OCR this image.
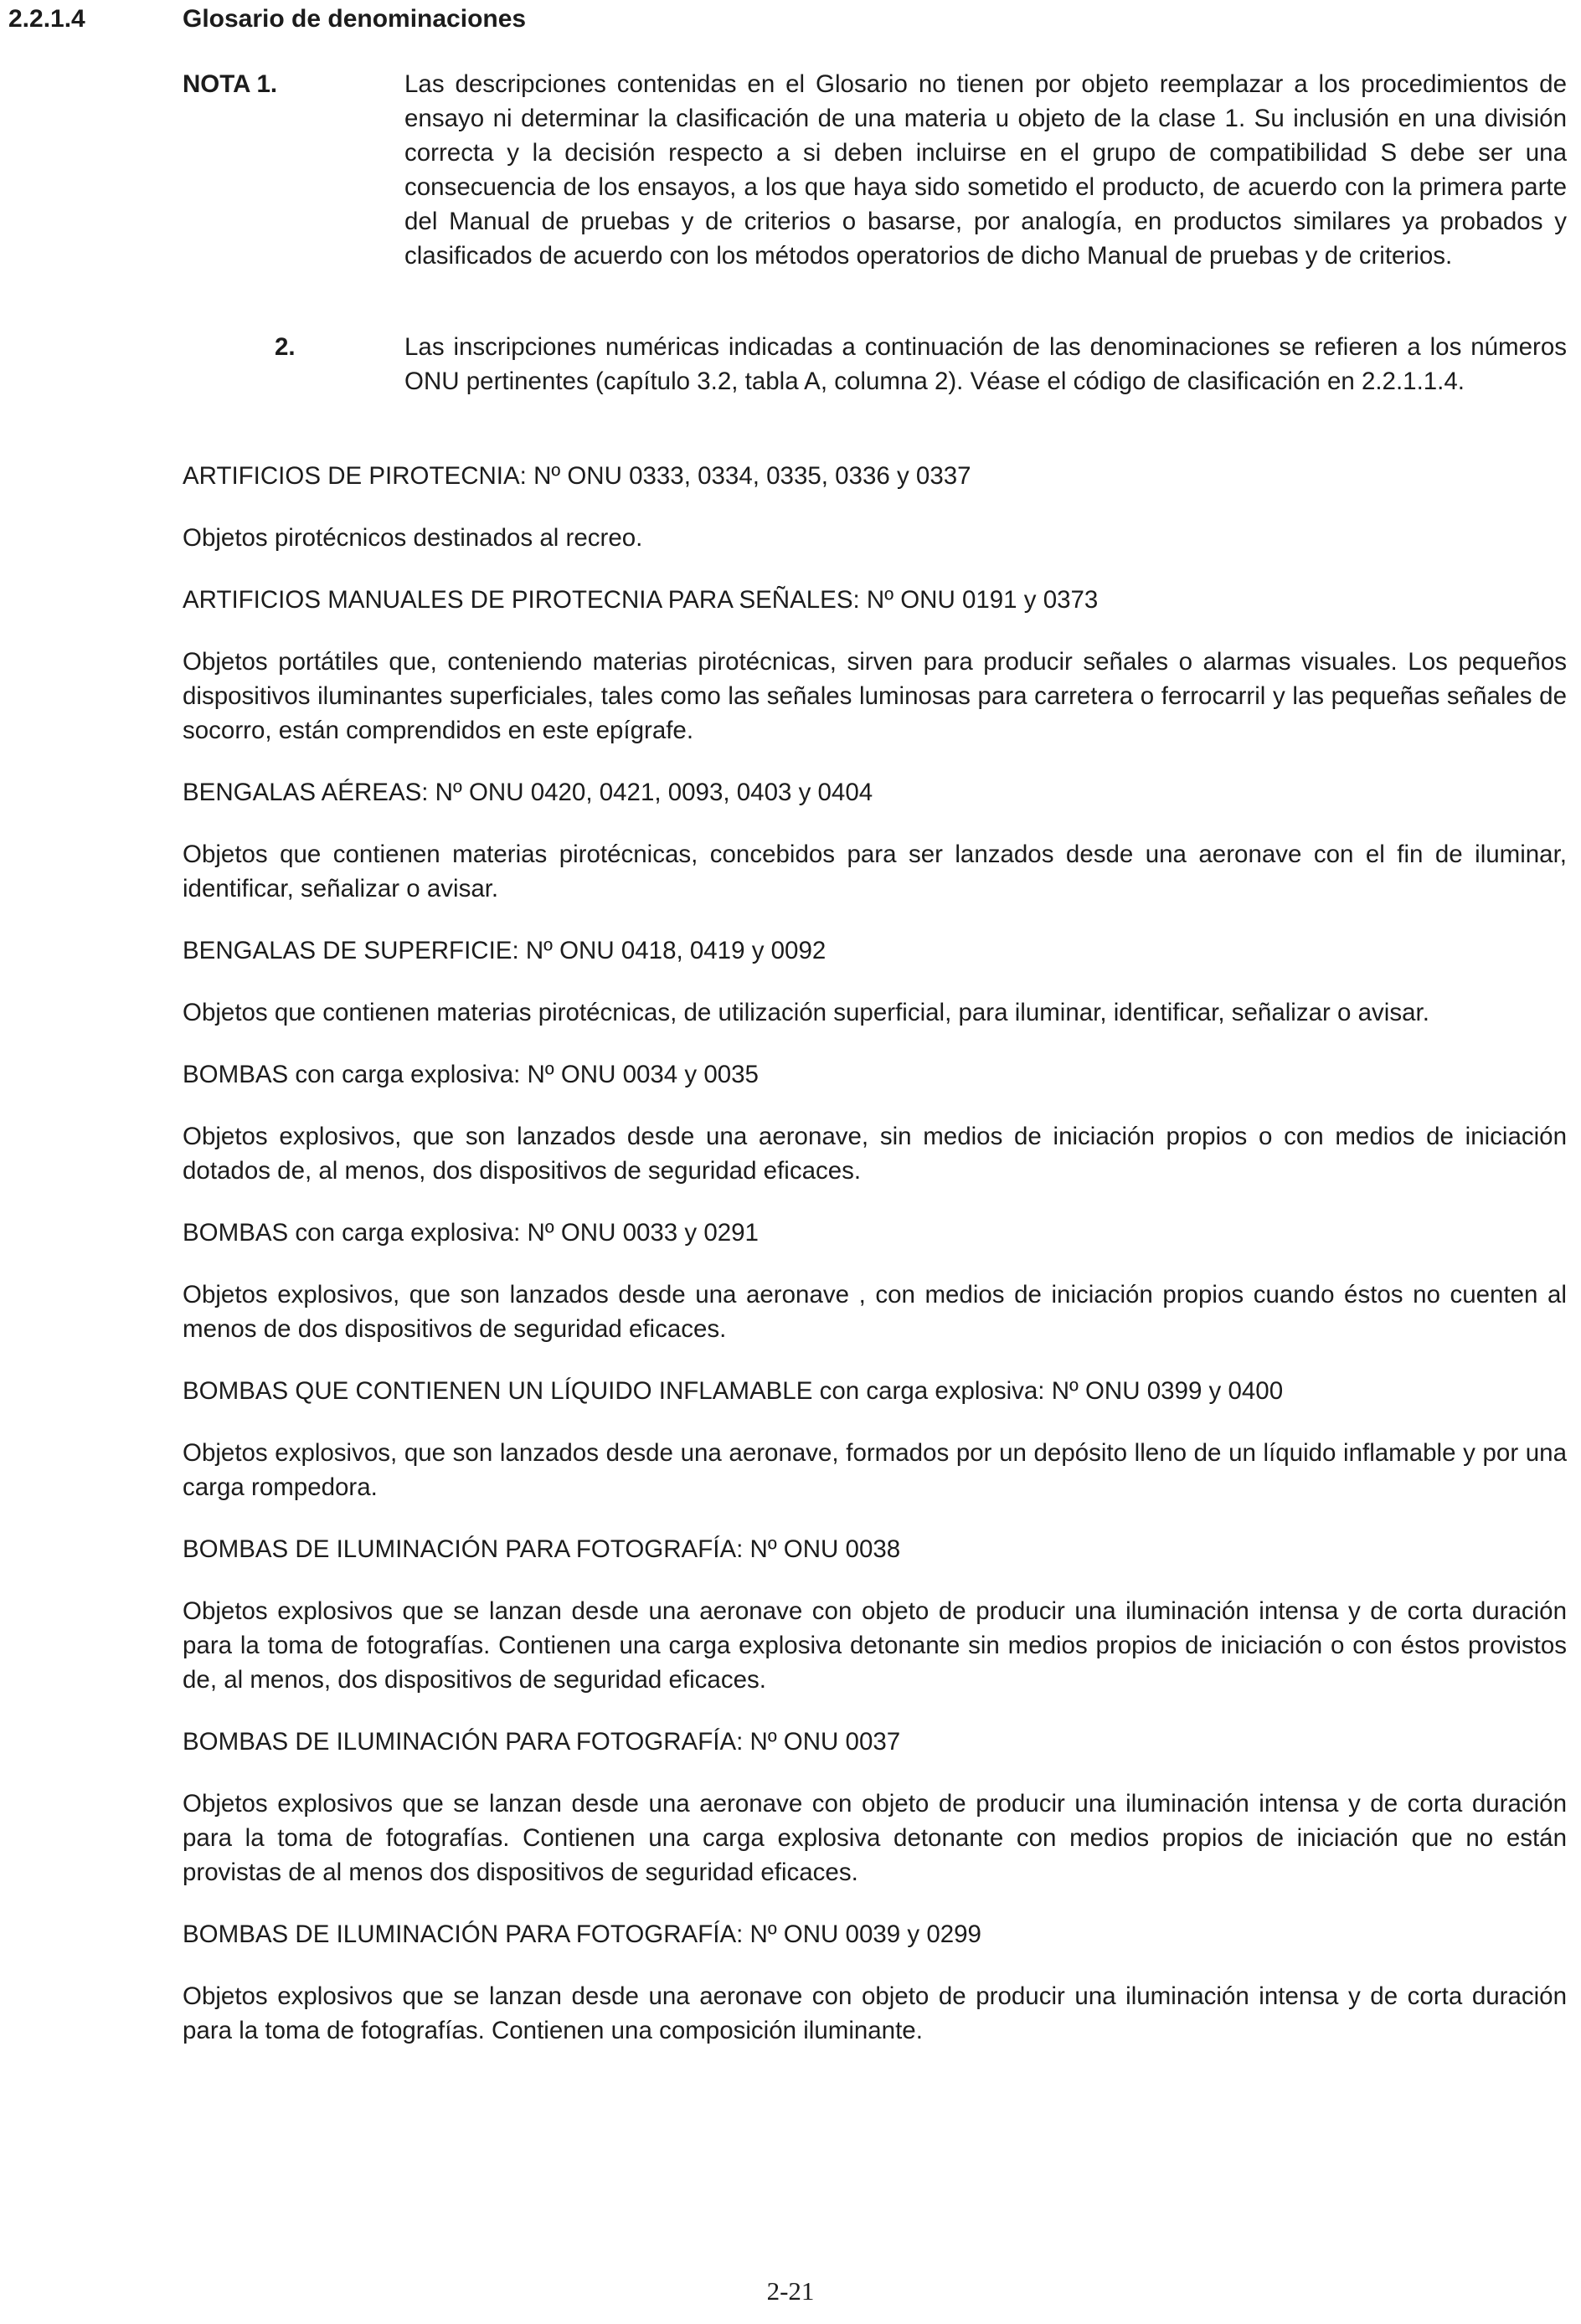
2.2.1.4	Glosario de denominaciones
NOTA 1.	Las descripciones contenidas en el Glosario no tienen por objeto reemplazar a los procedimientos de ensayo ni determinar la clasificación de una materia u objeto de la clase 1. Su inclusión en una división correcta y la decisión respecto a si deben incluirse en el grupo de compatibilidad S debe ser una consecuencia de los ensayos, a los que haya sido sometido el producto, de acuerdo con la primera parte del Manual de pruebas y de criterios o basarse, por analogía, en productos similares ya probados y clasificados de acuerdo con los métodos operatorios de dicho Manual de pruebas y de criterios.
2.	Las inscripciones numéricas indicadas a continuación de las denominaciones se refieren a los números ONU pertinentes (capítulo 3.2, tabla A, columna 2). Véase el código de clasificación en 2.2.1.1.4.

ARTIFICIOS DE PIROTECNIA: Nº ONU 0333, 0334, 0335, 0336 y 0337

Objetos pirotécnicos destinados al recreo.

ARTIFICIOS MANUALES DE PIROTECNIA PARA SEÑALES: Nº ONU 0191 y 0373

Objetos portátiles que, conteniendo materias pirotécnicas, sirven para producir señales o alarmas visuales. Los pequeños dispositivos iluminantes superficiales, tales como las señales luminosas para carretera o ferrocarril y las pequeñas señales de socorro, están comprendidos en este epígrafe.

BENGALAS AÉREAS: Nº ONU 0420, 0421, 0093, 0403 y 0404

Objetos que contienen materias pirotécnicas, concebidos para ser lanzados desde una aeronave con el fin de iluminar, identificar, señalizar o avisar.

BENGALAS DE SUPERFICIE: Nº ONU 0418, 0419 y 0092

Objetos que contienen materias pirotécnicas, de utilización superficial, para iluminar, identificar, señalizar o avisar.

BOMBAS con carga explosiva: Nº ONU 0034 y 0035

Objetos explosivos, que son lanzados desde una aeronave, sin medios de iniciación propios o con medios de iniciación dotados de, al menos, dos dispositivos de seguridad eficaces.

BOMBAS con carga explosiva: Nº ONU 0033 y 0291

Objetos explosivos, que son lanzados desde una aeronave , con medios de iniciación propios cuando éstos no cuenten al menos de dos dispositivos de seguridad eficaces.

BOMBAS QUE CONTIENEN UN LÍQUIDO INFLAMABLE con carga explosiva: Nº ONU 0399 y 0400

Objetos explosivos, que son lanzados desde una aeronave, formados por un depósito lleno de un líquido inflamable y por una carga rompedora.

BOMBAS DE ILUMINACIÓN PARA FOTOGRAFÍA: Nº ONU 0038

Objetos explosivos que se lanzan desde una aeronave con objeto de producir una iluminación intensa y de corta duración para la toma de fotografías. Contienen una carga explosiva detonante sin medios propios de iniciación o con éstos provistos de, al menos, dos dispositivos de seguridad eficaces.

BOMBAS DE ILUMINACIÓN PARA FOTOGRAFÍA: Nº ONU 0037

Objetos explosivos que se lanzan desde una aeronave con objeto de producir una iluminación intensa y de corta duración para la toma de fotografías. Contienen una carga explosiva detonante con medios propios de iniciación que no están provistas de al menos dos dispositivos de seguridad eficaces.

BOMBAS DE ILUMINACIÓN PARA FOTOGRAFÍA: Nº ONU 0039 y 0299

Objetos explosivos que se lanzan desde una aeronave con objeto de producir una iluminación intensa y de corta duración para la toma de fotografías. Contienen una composición iluminante.

2-21
